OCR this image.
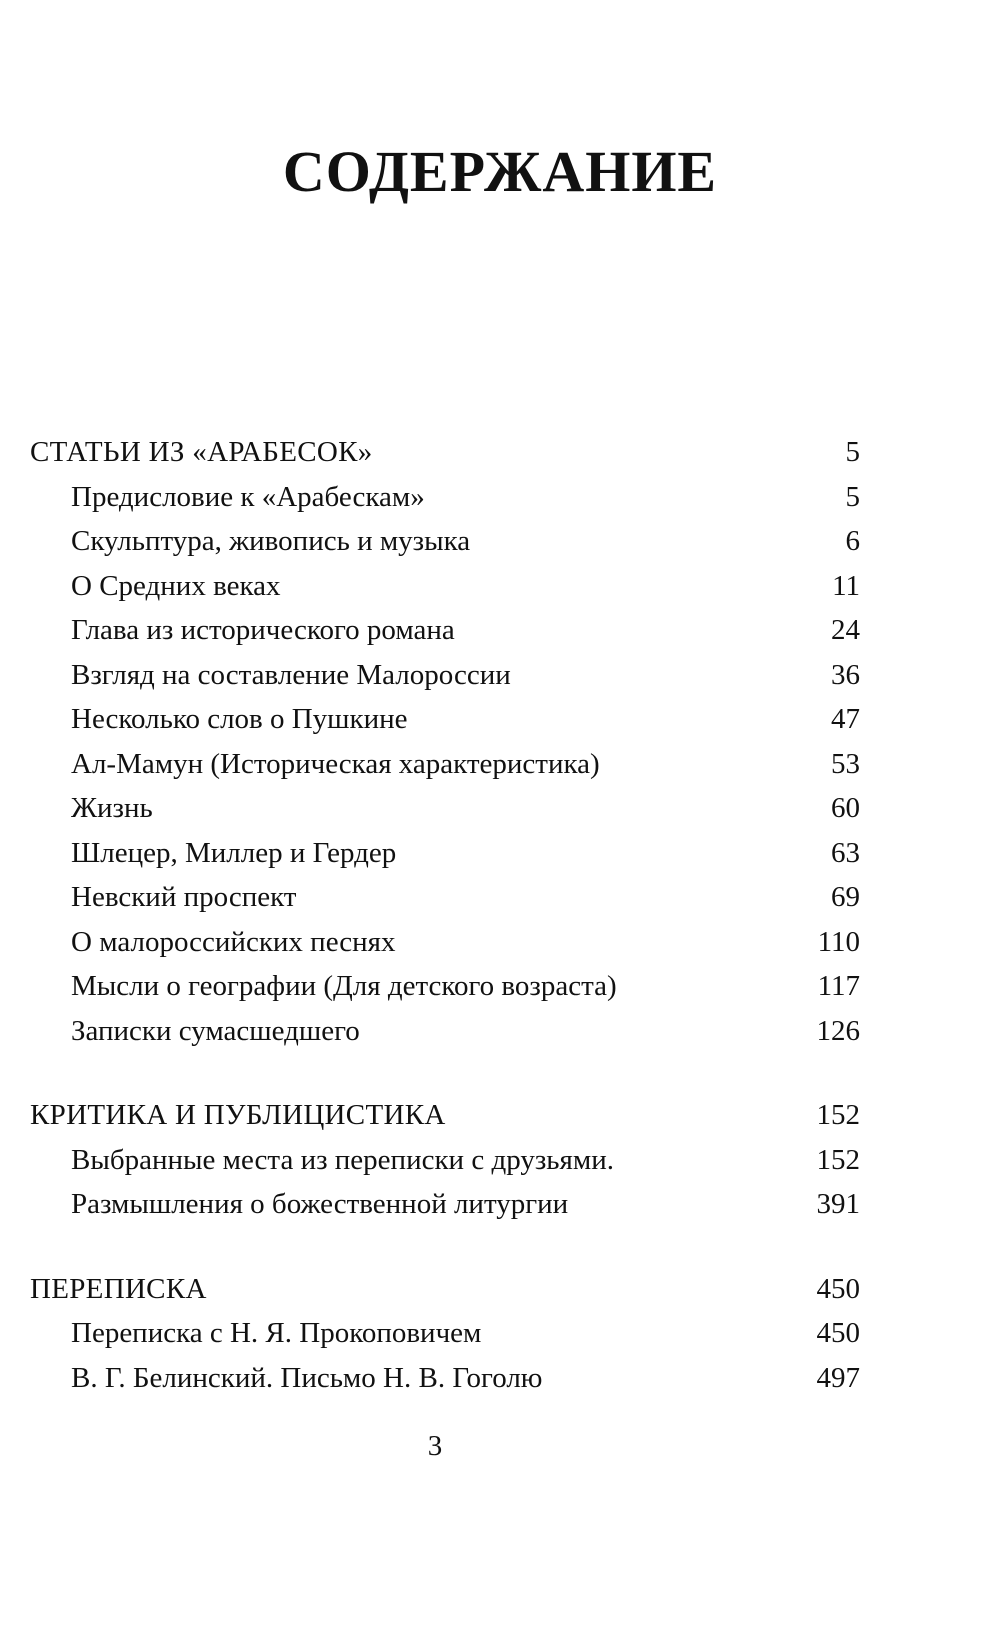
СОДЕРЖАНИЕ
СТАТЬИ ИЗ «АРАБЕСОК»	5
Предисловие к «Арабескам»	5
Скульптура, живопись и музыка	6
О Средних веках	11
Глава из исторического романа	24
Взгляд на составление Малороссии	36
Несколько слов о Пушкине	47
Ал-Мамун (Историческая характеристика)	53
Жизнь	60
Шлецер, Миллер и Гердер	63
Невский проспект	69
О малороссийских песнях	110
Мысли о географии (Для детского возраста)	117
Записки сумасшедшего	126
КРИТИКА И ПУБЛИЦИСТИКА	152
Выбранные места из переписки с друзьями.	152
Размышления о божественной литургии	391
ПЕРЕПИСКА	450
Переписка с Н. Я. Прокоповичем	450
В. Г. Белинский. Письмо Н. В. Гоголю	497
3
